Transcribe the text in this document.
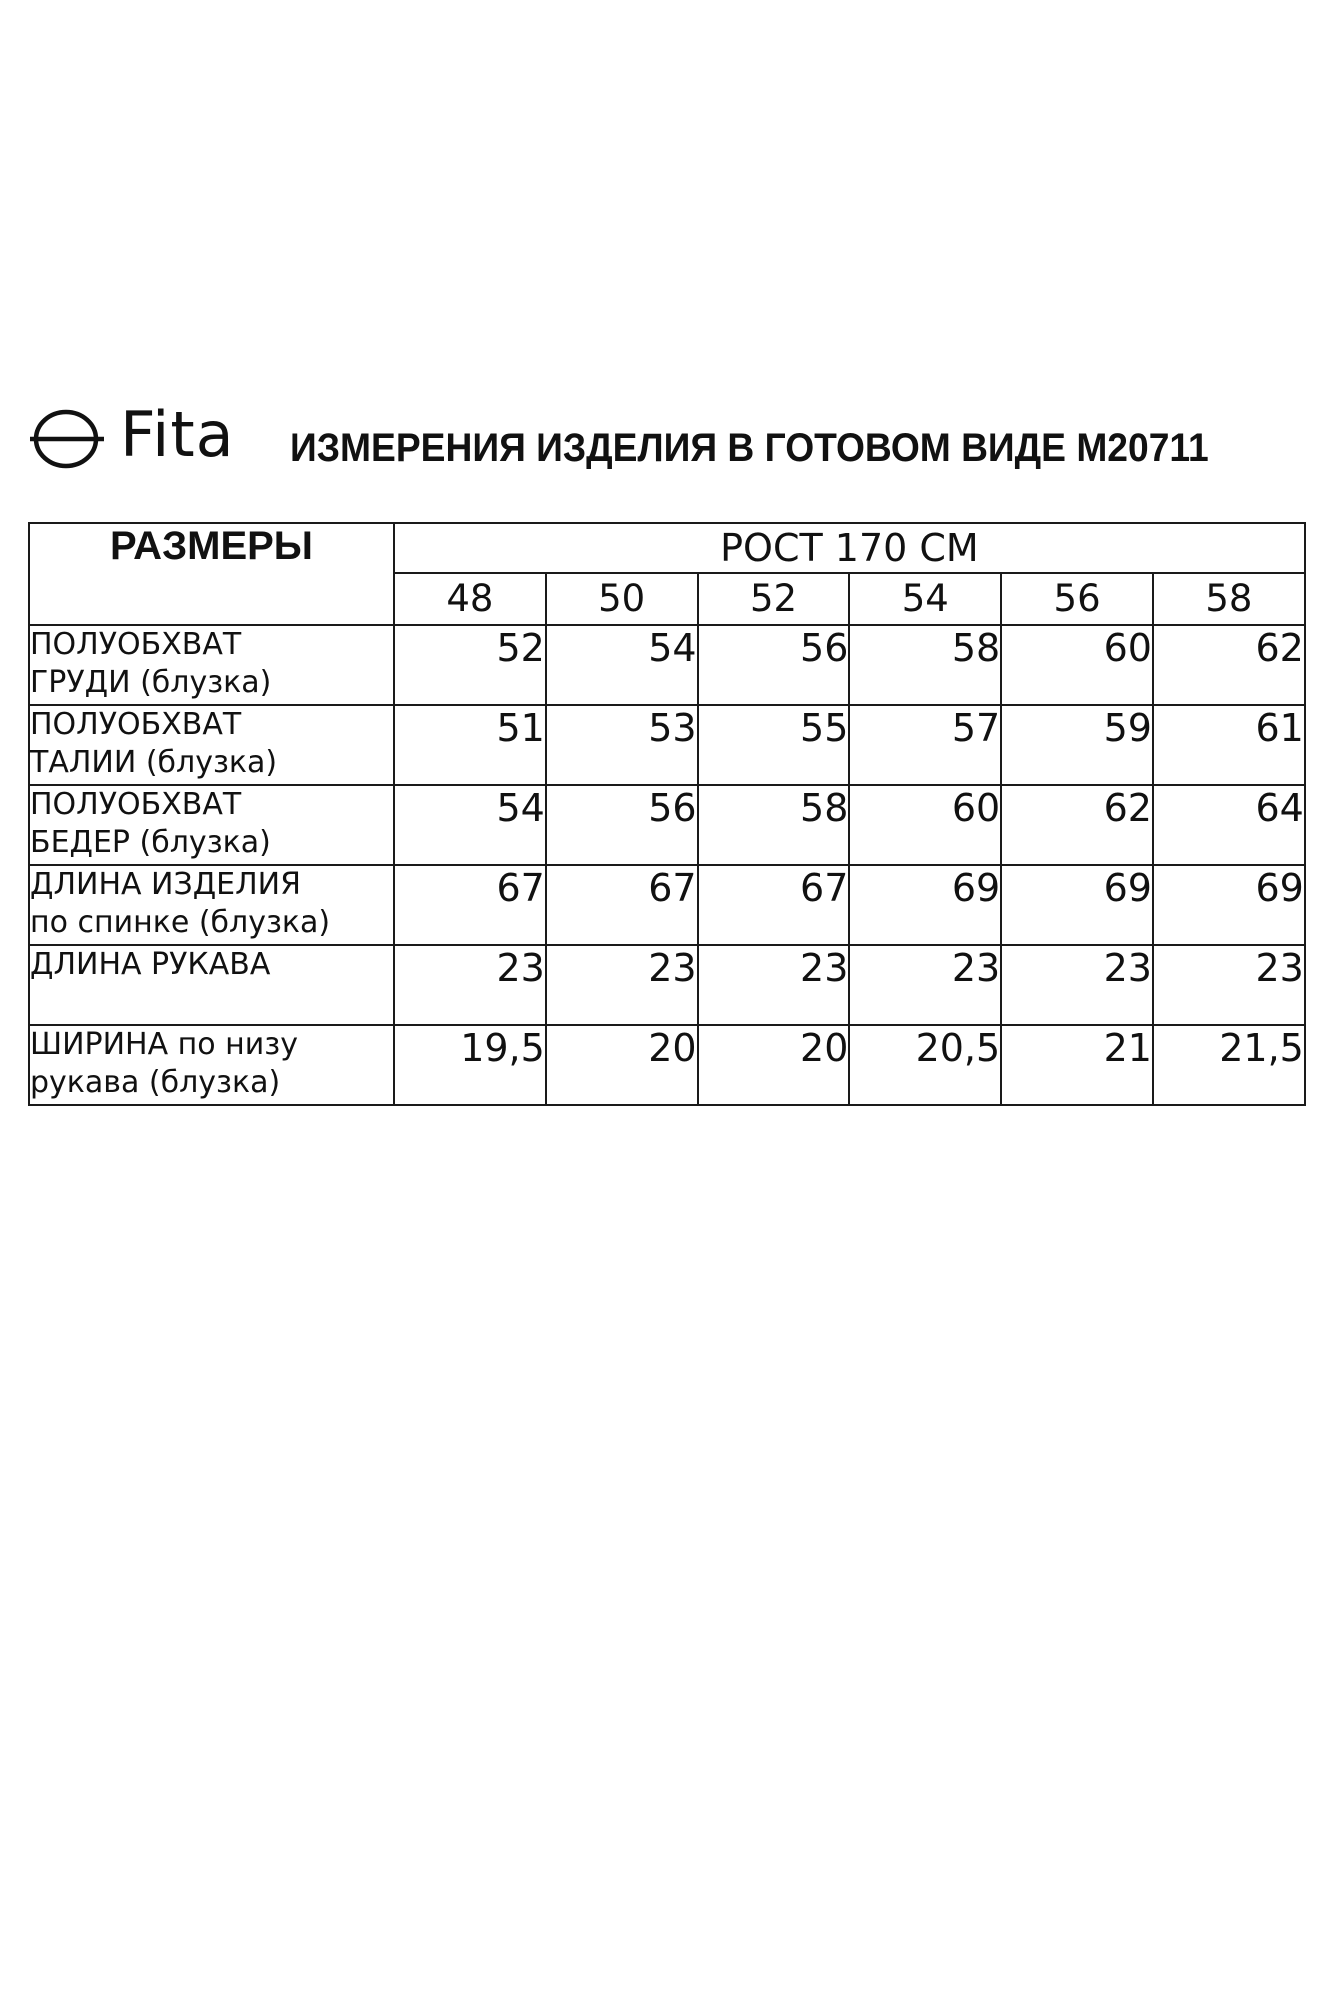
Fita ИЗМЕРЕНИЯ ИЗДЕЛИЯ В ГОТОВОМ ВИДЕ М20711
РАЗМЕРЫ	РОСТ 170 СМ					
	48	50	52	54	56	58

ПОЛУОБХВАТ
ГРУДИ (блузка)	52	54	56	58	60	62

ПОЛУОБХВАТ
ТАЛИИ (блузка)	51	53	55	57	59	61

ПОЛУОБХВАТ
БЕДЕР (блузка)	54	56	58	60	62	64

ДЛИНА ИЗДЕЛИЯ
по спинке (блузка)	67	67	67	69	69	69

ДЛИНА РУКАВА	23	23	23	23	23	23

ШИРИНА по низу
рукава (блузка)	19,5	20	20	20,5	21	21,5
